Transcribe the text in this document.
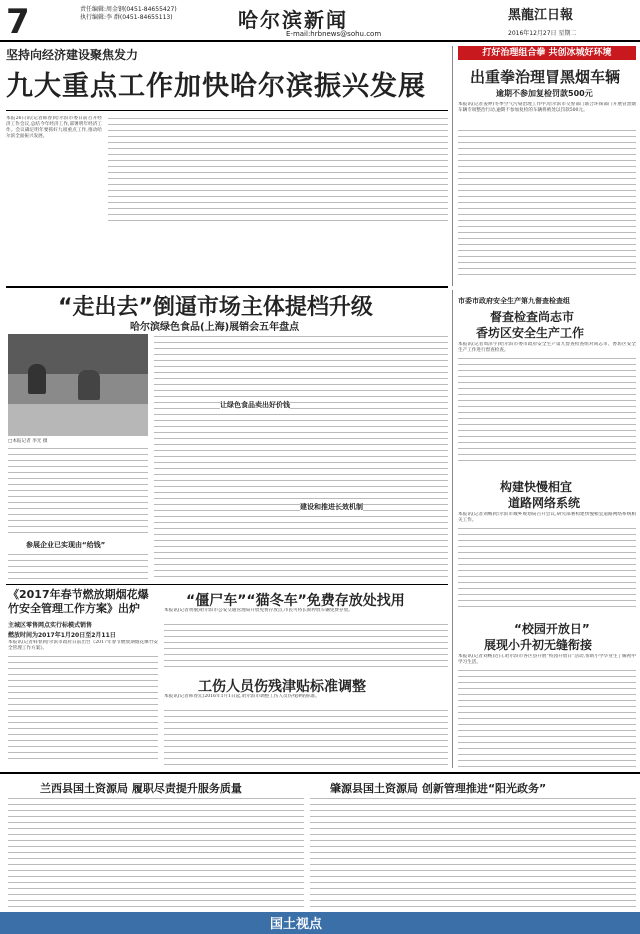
7	责任编辑:周金钢(0451-84655427)
执行编辑:李 群(0451-84655113)	哈尔滨新闻
E-mail:hrbnews@sohu.com
黑龍江日報
2016年12月27日 星期二
坚持向经济建设聚焦发力
九大重点工作加快哈尔滨振兴发展
本报26日讯(记者韩春)哈尔滨市委日前召开经济工作会议,总结今年经济工作,部署明年经济工作。会议确定明年要抓好九项重点工作,推动哈尔滨全面振兴发展。
打好治理组合拳 共创冰城好环境
出重拳治理冒黑烟车辆
逾期不参加复检罚款500元
本报讯(记者姜婷)冬季空气污染治理工作中,哈尔滨市交警部门联合环保部门开展冒黑烟车辆专项整治行动,逾期不参加复检的车辆将被处以罚款500元。
“走出去”倒逼市场主体提档升级
哈尔滨绿色食品(上海)展销会五年盘点
□本报记者 李光 摄
参展企业已实现由“给钱”
让绿色食品卖出好价钱
建设和推进长效机制
市委市政府安全生产第九督查检查组
督查检查尚志市
香坊区安全生产工作
本报讯(记者周泽宇)哈尔滨市委市政府安全生产第九督查检查组对尚志市、香坊区安全生产工作进行督查检查。
构建快慢相宜
道路网络系统
本报讯(记者刘畅)哈尔滨市城乡规划局召开会议,研究部署构建快慢相宜道路网络系统相关工作。
《2017年春节燃放期烟花爆竹安全管理工作方案》出炉
主城区零售网点实行标模式销售
燃放时间为2017年1月20日至2月11日
本报讯(记者韩春)哈尔滨市政府日前出台《2017年春节燃放期烟花爆竹安全管理工作方案》。
“僵尸车”“猫冬车”免费存放处找用
本报讯(记者黄丽)哈尔滨市公安交通管理局开放免费存放点,市民可将长期停放车辆免费存放。
工伤人员伤残津贴标准调整
本报讯(记者韩春)自2016年1月1日起,哈尔滨市调整工伤人员伤残津贴标准。
“校园开放日”
展现小升初无缝衔接
本报讯(记者刘畅)近日,哈尔滨市各区县开展“校园开放日”活动,帮助小学毕业生了解初中学习生活。
兰西县国土资源局 履职尽责提升服务质量	肇源县国土资源局 创新管理推进“阳光政务”
国土视点
